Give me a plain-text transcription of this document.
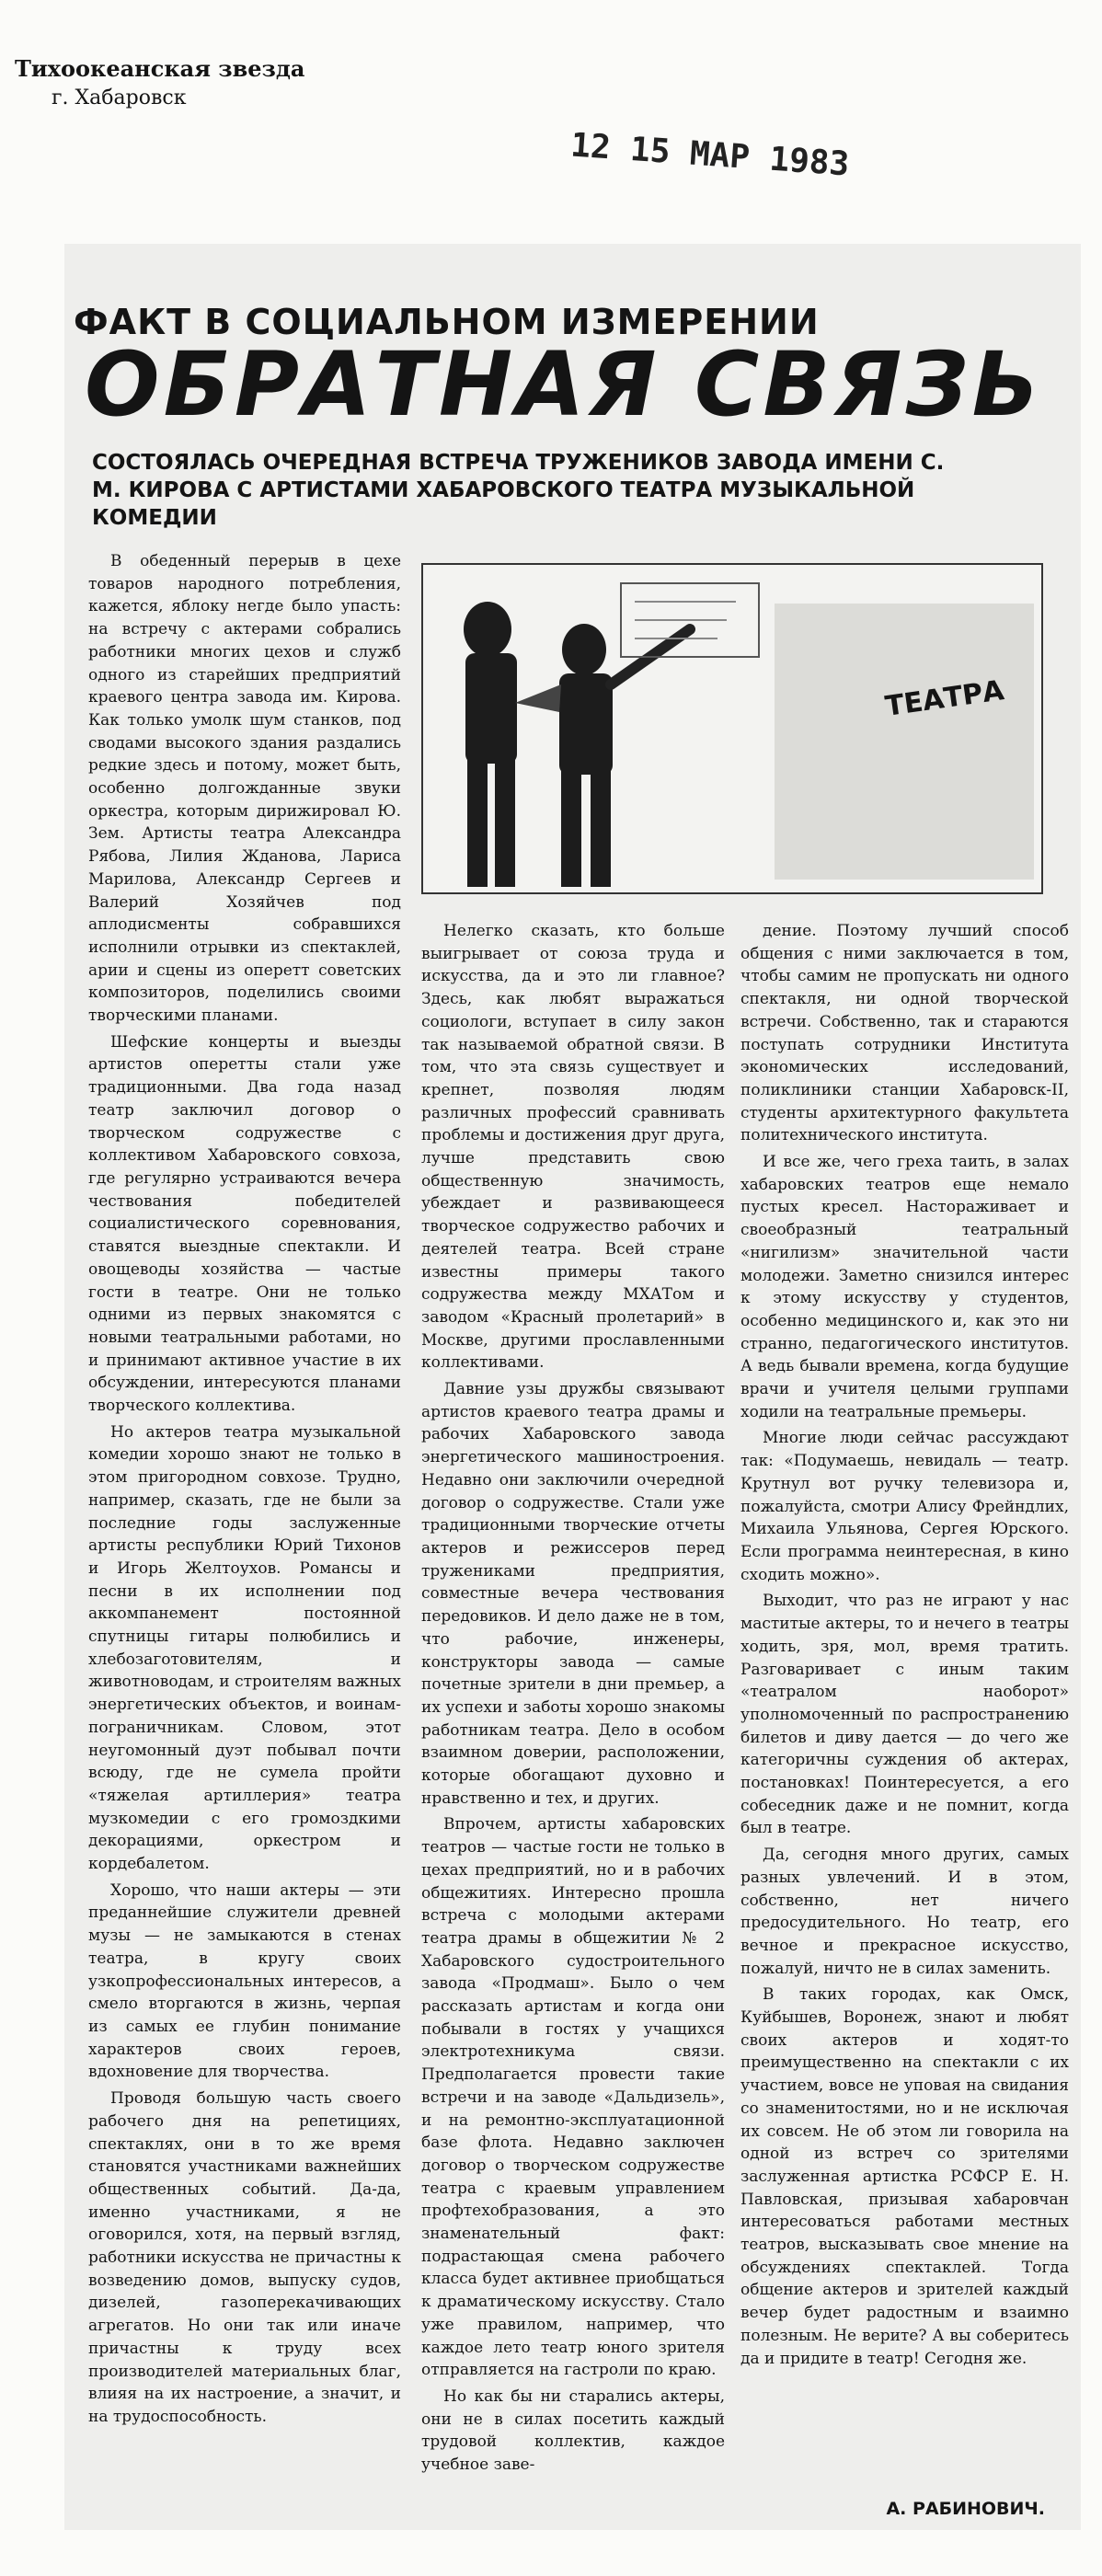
Тихоокеанская звезда
г. Хабаровск
12 15 МАР 1983
ФАКТ В СОЦИАЛЬНОМ ИЗМЕРЕНИИ
ОБРАТНАЯ СВЯЗЬ
СОСТОЯЛАСЬ ОЧЕРЕДНАЯ ВСТРЕЧА ТРУЖЕНИКОВ ЗАВОДА ИМЕНИ С. М. КИРОВА С АРТИСТАМИ ХАБАРОВСКОГО ТЕАТРА МУЗЫКАЛЬНОЙ КОМЕДИИ
ТЕАТРА

В обеденный перерыв в цехе товаров народного потребления, кажется, яблоку негде было упасть: на встречу с актерами собрались работники многих цехов и служб одного из старейших предприятий краевого центра завода им. Кирова. Как только умолк шум станков, под сводами высокого здания раздались редкие здесь и потому, может быть, особенно долгожданные звуки оркестра, которым дирижировал Ю. Зем. Артисты театра Александра Рябова, Лилия Жданова, Лариса Марилова, Александр Сергеев и Валерий Хозяйчев под аплодисменты собравшихся исполнили отрывки из спектаклей, арии и сцены из оперетт советских композиторов, поделились своими творческими планами.

Шефские концерты и выезды артистов оперетты стали уже традиционными. Два года назад театр заключил договор о творческом содружестве с коллективом Хабаровского совхоза, где регулярно устраиваются вечера чествования победителей социалистического соревнования, ставятся выездные спектакли. И овощеводы хозяйства — частые гости в театре. Они не только одними из первых знакомятся с новыми театральными работами, но и принимают активное участие в их обсуждении, интересуются планами творческого коллектива.

Но актеров театра музыкальной комедии хорошо знают не только в этом пригородном совхозе. Трудно, например, сказать, где не были за последние годы заслуженные артисты республики Юрий Тихонов и Игорь Желтоухов. Романсы и песни в их исполнении под аккомпанемент постоянной спутницы гитары полюбились и хлебозаготовителям, и животноводам, и строителям важных энергетических объектов, и воинам-пограничникам. Словом, этот неугомонный дуэт побывал почти всюду, где не сумела пройти «тяжелая артиллерия» театра музкомедии с его громоздкими декорациями, оркестром и кордебалетом.

Хорошо, что наши актеры — эти преданнейшие служители древней музы — не замыкаются в стенах театра, в кругу своих узкопрофессиональных интересов, а смело вторгаются в жизнь, черпая из самых ее глубин понимание характеров своих героев, вдохновение для творчества.

Проводя большую часть своего рабочего дня на репетициях, спектаклях, они в то же время становятся участниками важнейших общественных событий. Да-да, именно участниками, я не оговорился, хотя, на первый взгляд, работники искусства не причастны к возведению домов, выпуску судов, дизелей, газоперекачивающих агрегатов. Но они так или иначе причастны к труду всех производителей материальных благ, влияя на их настроение, а значит, и на трудоспособность.

Нелегко сказать, кто больше выигрывает от союза труда и искусства, да и это ли главное? Здесь, как любят выражаться социологи, вступает в силу закон так называемой обратной связи. В том, что эта связь существует и крепнет, позволяя людям различных профессий сравнивать проблемы и достижения друг друга, лучше представить свою общественную значимость, убеждает и развивающееся творческое содружество рабочих и деятелей театра. Всей стране известны примеры такого содружества между МХАТом и заводом «Красный пролетарий» в Москве, другими прославленными коллективами.

Давние узы дружбы связывают артистов краевого театра драмы и рабочих Хабаровского завода энергетического машиностроения. Недавно они заключили очередной договор о содружестве. Стали уже традиционными творческие отчеты актеров и режиссеров перед тружениками предприятия, совместные вечера чествования передовиков. И дело даже не в том, что рабочие, инженеры, конструкторы завода — самые почетные зрители в дни премьер, а их успехи и заботы хорошо знакомы работникам театра. Дело в особом взаимном доверии, расположении, которые обогащают духовно и нравственно и тех, и других.

Впрочем, артисты хабаровских театров — частые гости не только в цехах предприятий, но и в рабочих общежитиях. Интересно прошла встреча с молодыми актерами театра драмы в общежитии № 2 Хабаровского судостроительного завода «Продмаш». Было о чем рассказать артистам и когда они побывали в гостях у учащихся электротехникума связи. Предполагается провести такие встречи и на заводе «Дальдизель», и на ремонтно-эксплуатационной базе флота. Недавно заключен договор о творческом содружестве театра с краевым управлением профтехобразования, а это знаменательный факт: подрастающая смена рабочего класса будет активнее приобщаться к драматическому искусству. Стало уже правилом, например, что каждое лето театр юного зрителя отправляется на гастроли по краю.

Но как бы ни старались актеры, они не в силах посетить каждый трудовой коллектив, каждое учебное заве-

дение. Поэтому лучший способ общения с ними заключается в том, чтобы самим не пропускать ни одного спектакля, ни одной творческой встречи. Собственно, так и стараются поступать сотрудники Института экономических исследований, поликлиники станции Хабаровск-II, студенты архитектурного факультета политехнического института.

И все же, чего греха таить, в залах хабаровских театров еще немало пустых кресел. Настораживает и своеобразный театральный «нигилизм» значительной части молодежи. Заметно снизился интерес к этому искусству у студентов, особенно медицинского и, как это ни странно, педагогического институтов. А ведь бывали времена, когда будущие врачи и учителя целыми группами ходили на театральные премьеры.

Многие люди сейчас рассуждают так: «Подумаешь, невидаль — театр. Крутнул вот ручку телевизора и, пожалуйста, смотри Алису Фрейндлих, Михаила Ульянова, Сергея Юрского. Если программа неинтересная, в кино сходить можно».

Выходит, что раз не играют у нас маститые актеры, то и нечего в театры ходить, зря, мол, время тратить. Разговаривает с иным таким «театралом наоборот» уполномоченный по распространению билетов и диву дается — до чего же категоричны суждения об актерах, постановках! Поинтересуется, а его собеседник даже и не помнит, когда был в театре.

Да, сегодня много других, самых разных увлечений. И в этом, собственно, нет ничего предосудительного. Но театр, его вечное и прекрасное искусство, пожалуй, ничто не в силах заменить.

В таких городах, как Омск, Куйбышев, Воронеж, знают и любят своих актеров и ходят-то преимущественно на спектакли с их участием, вовсе не уповая на свидания со знаменитостями, но и не исключая их совсем. Не об этом ли говорила на одной из встреч со зрителями заслуженная артистка РСФСР Е. Н. Павловская, призывая хабаровчан интересоваться работами местных театров, высказывать свое мнение на обсуждениях спектаклей. Тогда общение актеров и зрителей каждый вечер будет радостным и взаимно полезным. Не верите? А вы соберитесь да и придите в театр! Сегодня же.

А. РАБИНОВИЧ.
